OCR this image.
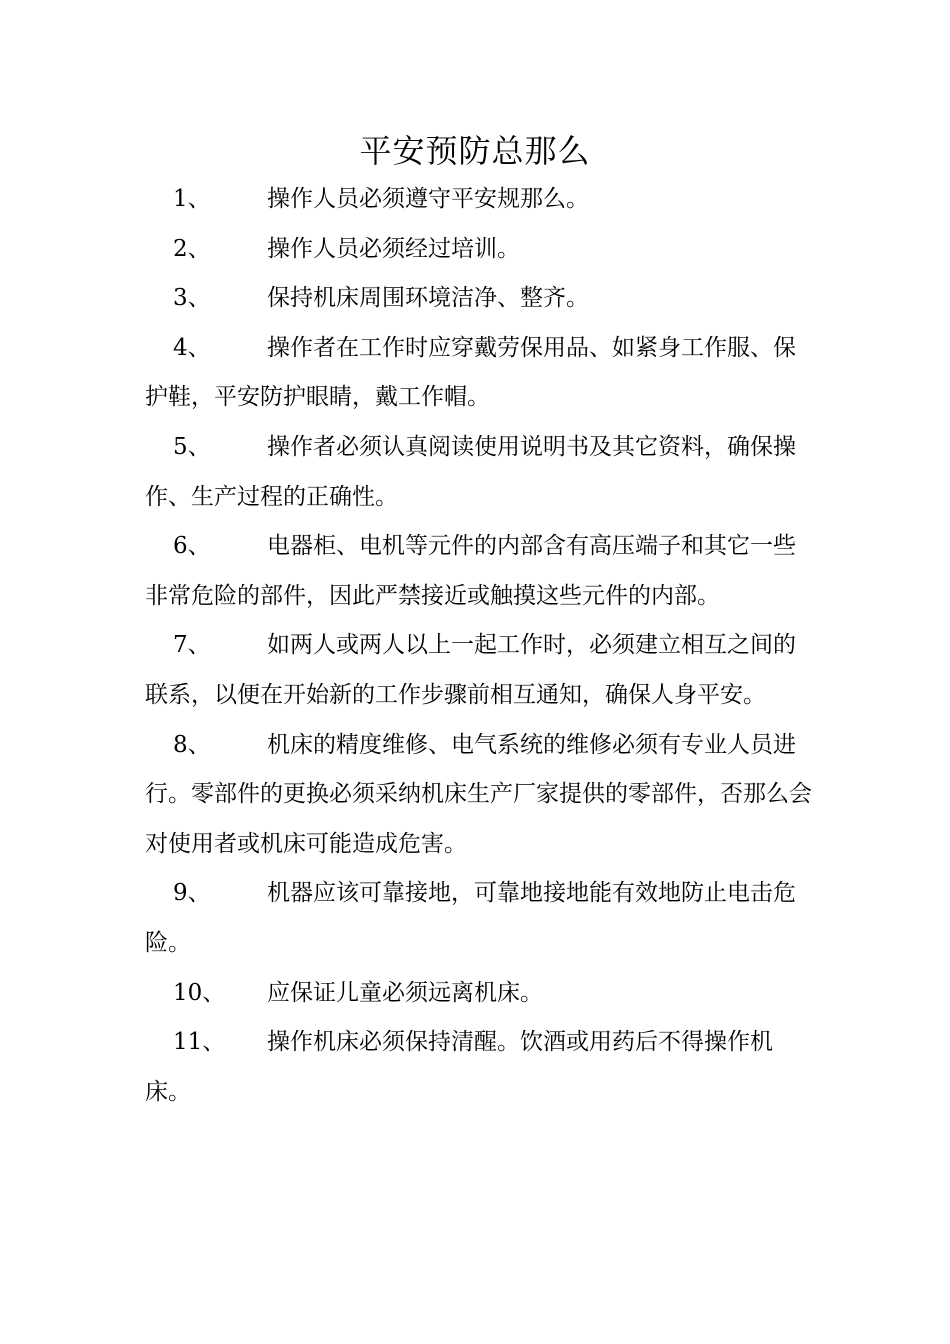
平安预防总那么
1、 操作人员必须遵守平安规那么。
2、 操作人员必须经过培训。
3、 保持机床周围环境洁净、整齐。
4、 操作者在工作时应穿戴劳保用品、如紧身工作服、保护鞋，平安防护眼睛，戴工作帽。
5、 操作者必须认真阅读使用说明书及其它资料，确保操作、生产过程的正确性。
6、 电器柜、电机等元件的内部含有高压端子和其它一些非常危险的部件，因此严禁接近或触摸这些元件的内部。
7、 如两人或两人以上一起工作时，必须建立相互之间的联系，以便在开始新的工作步骤前相互通知，确保人身平安。
8、 机床的精度维修、电气系统的维修必须有专业人员进行。零部件的更换必须采纳机床生产厂家提供的零部件，否那么会对使用者或机床可能造成危害。
9、 机器应该可靠接地，可靠地接地能有效地防止电击危险。
10、 应保证儿童必须远离机床。
11、 操作机床必须保持清醒。饮酒或用药后不得操作机床。
